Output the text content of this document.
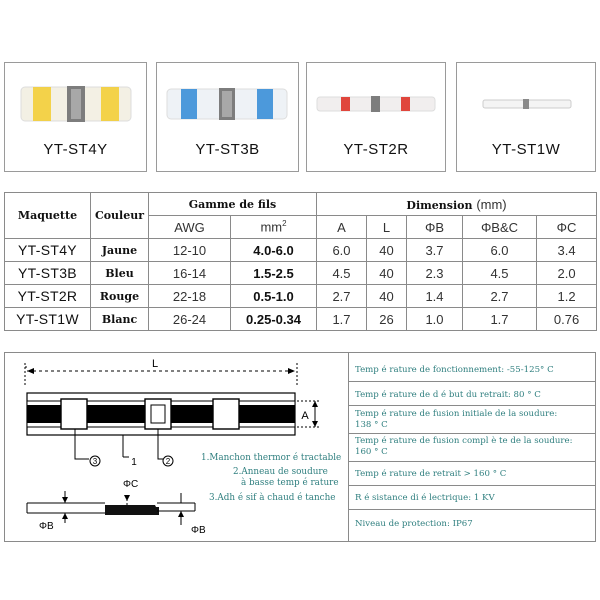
YT-ST4Y	YT-ST3B	YT-ST2R	YT-ST1W
Maquette	Couleur	Gamme de fils		Dimension (mm)				
		AWG	$mm^2$	A	L	ΦB	ΦB&C	ΦC
YT-ST4Y	Jaune	12-10	4.0-6.0	6.0	40	3.7	6.0	3.4
YT-ST3B	Bleu	16-14	1.5-2.5	4.5	40	2.3	4.5	2.0
YT-ST2R	Rouge	22-18	0.5-1.0	2.7	40	1.4	2.7	1.2
YT-ST1W	Blanc	26-24	0.25-0.34	1.7	26	1.0	1.7	0.76
L
A
3	1	2
ΦC
ΦB	ΦB
1.Manchon thermor é tractable
2.Anneau de soudure
à basse temp é rature
3.Adh é sif à chaud é tanche
Temp é rature de fonctionnement: -55-125° C
Temp é rature de d é but du retrait: 80 ° C
Temp é rature de fusion initiale de la soudure:
138 ° C
Temp é rature de fusion compl è te de la soudure:
160 ° C
Temp é rature de retrait > 160 ° C
R é sistance di é lectrique: 1 KV
Niveau de protection: IP67
